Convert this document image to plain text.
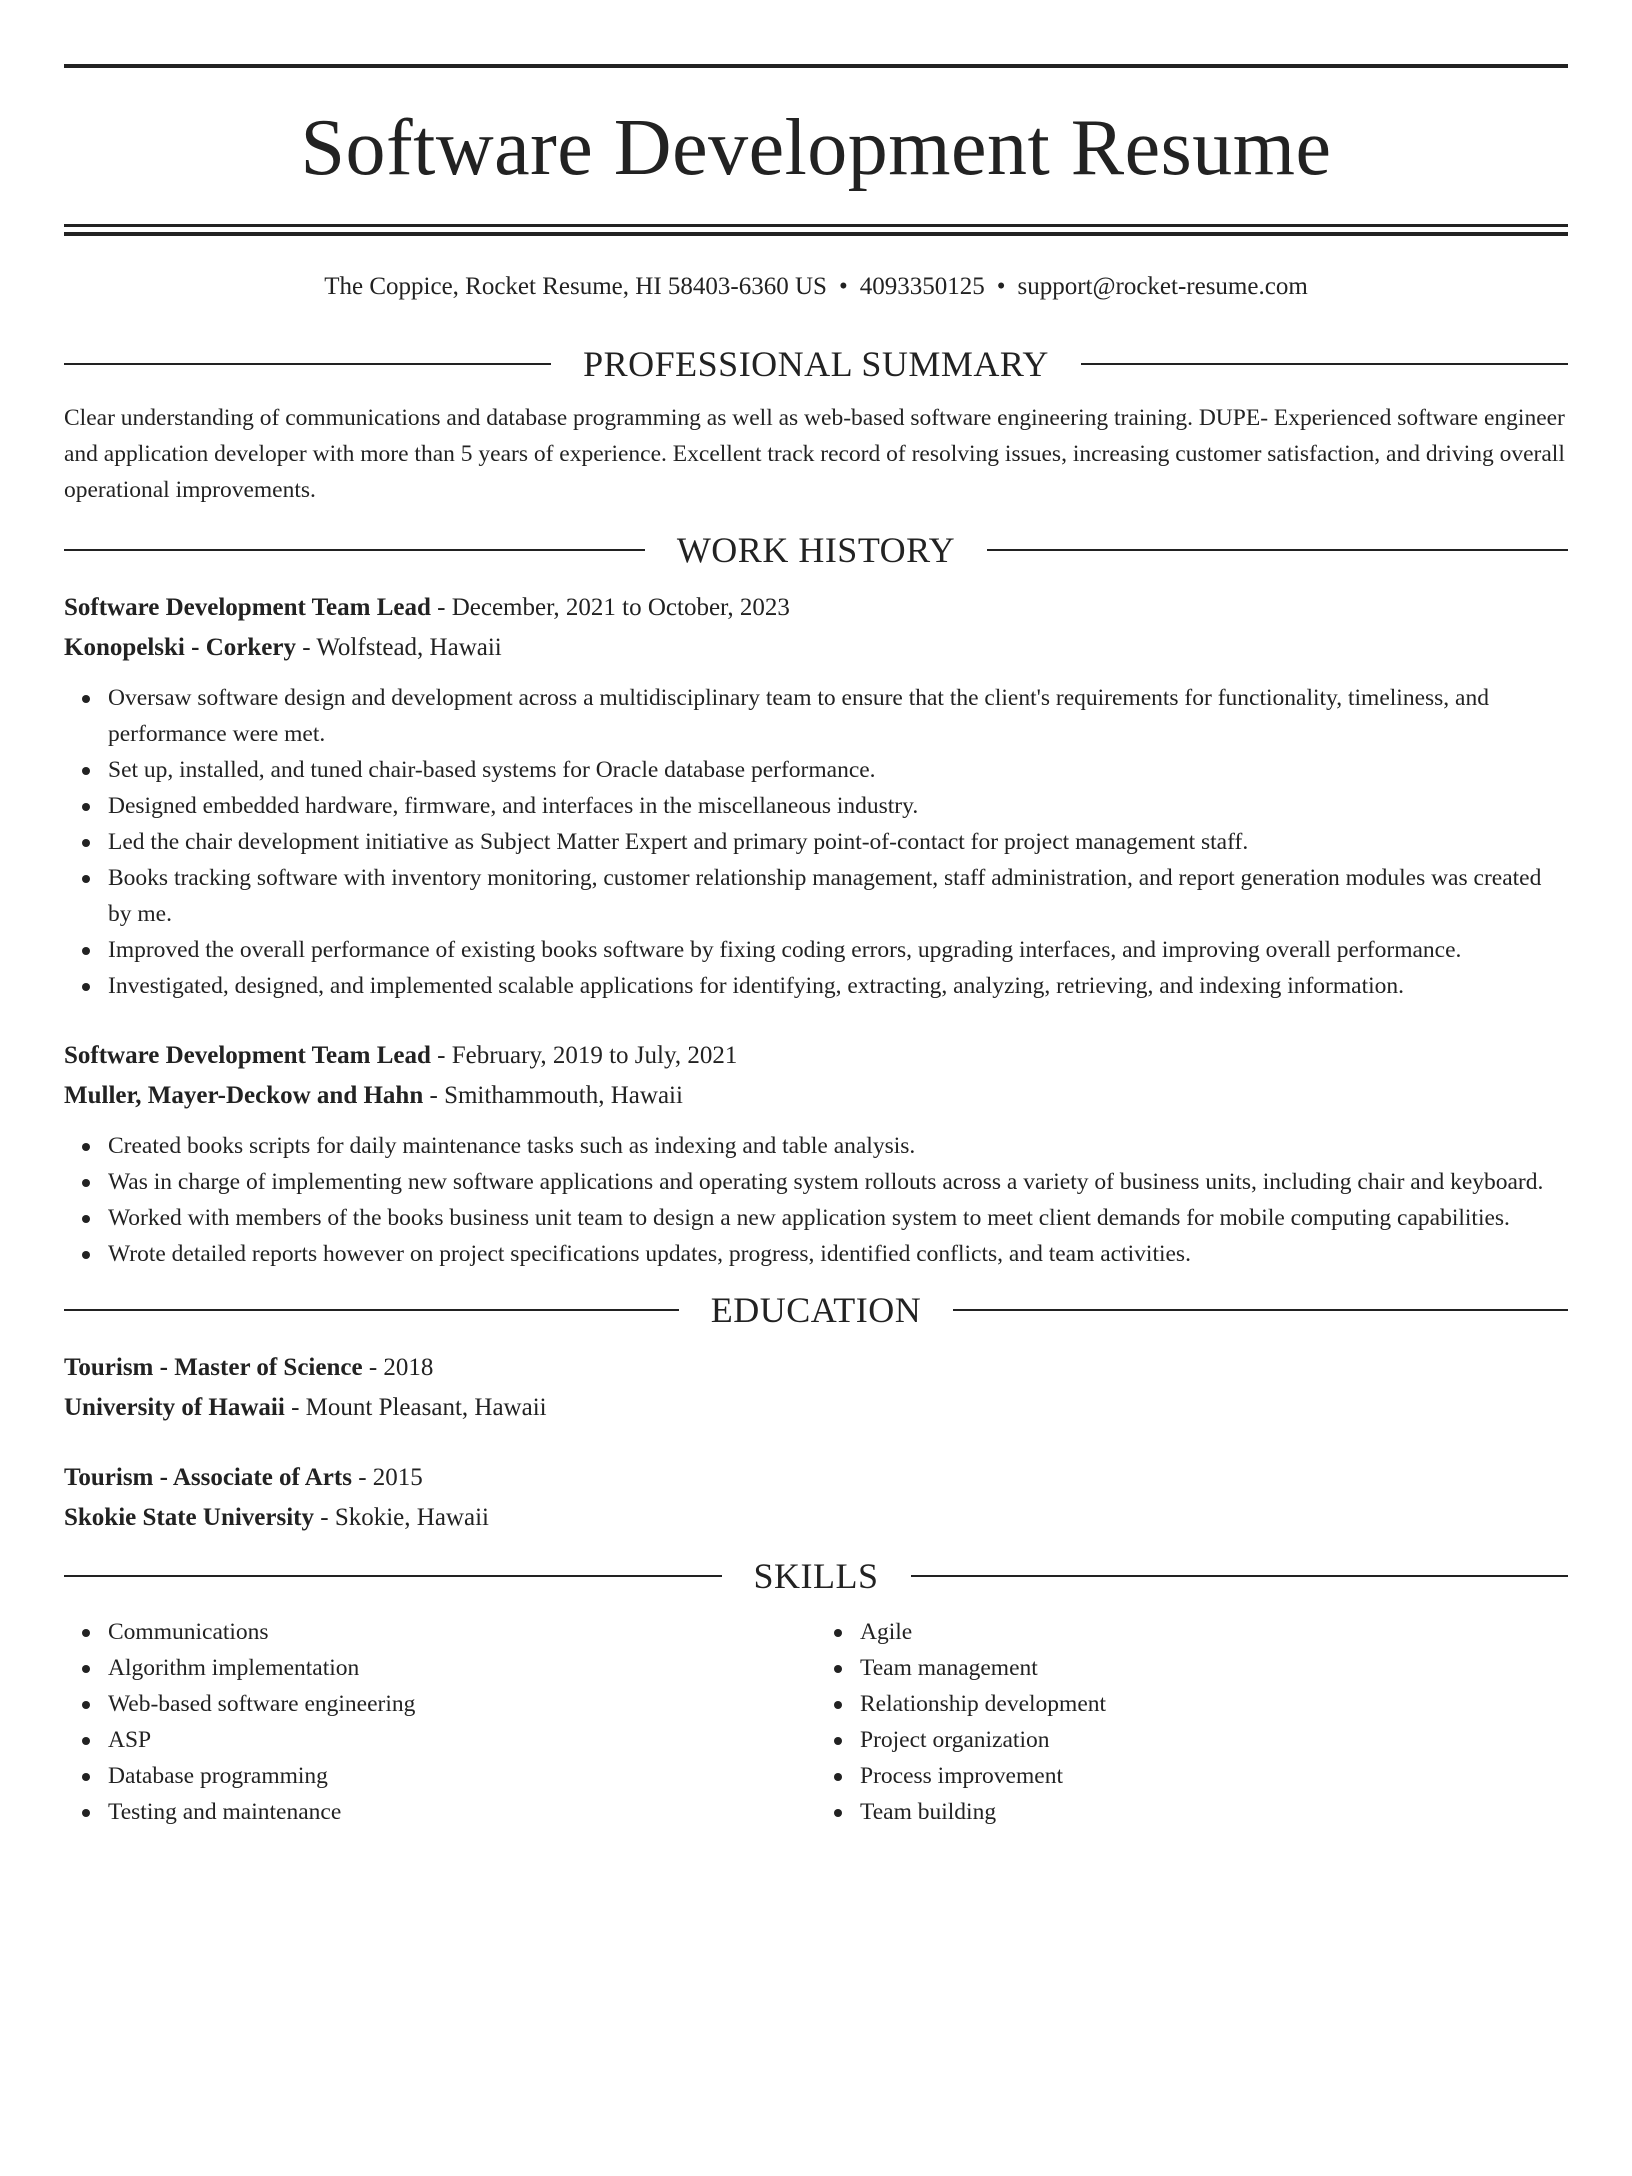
Software Development Resume
The Coppice, Rocket Resume, HI 58403-6360 US • 4093350125 • support@rocket-resume.com
PROFESSIONAL SUMMARY

Clear understanding of communications and database programming as well as web-based software engineering training. DUPE- Experienced software engineer and application developer with more than 5 years of experience. Excellent track record of resolving issues, increasing customer satisfaction, and driving overall operational improvements.

WORK HISTORY

Software Development Team Lead - December, 2021 to October, 2023

Konopelski - Corkery - Wolfstead, Hawaii

Oversaw software design and development across a multidisciplinary team to ensure that the client's requirements for functionality, timeliness, and performance were met.
Set up, installed, and tuned chair-based systems for Oracle database performance.
Designed embedded hardware, firmware, and interfaces in the miscellaneous industry.
Led the chair development initiative as Subject Matter Expert and primary point-of-contact for project management staff.
Books tracking software with inventory monitoring, customer relationship management, staff administration, and report generation modules was created by me.
Improved the overall performance of existing books software by fixing coding errors, upgrading interfaces, and improving overall performance.
Investigated, designed, and implemented scalable applications for identifying, extracting, analyzing, retrieving, and indexing information.

Software Development Team Lead - February, 2019 to July, 2021

Muller, Mayer-Deckow and Hahn - Smithammouth, Hawaii

Created books scripts for daily maintenance tasks such as indexing and table analysis.
Was in charge of implementing new software applications and operating system rollouts across a variety of business units, including chair and keyboard.
Worked with members of the books business unit team to design a new application system to meet client demands for mobile computing capabilities.
Wrote detailed reports however on project specifications updates, progress, identified conflicts, and team activities.
EDUCATION

Tourism - Master of Science - 2018

University of Hawaii - Mount Pleasant, Hawaii

Tourism - Associate of Arts - 2015

Skokie State University - Skokie, Hawaii

SKILLS
Communications
Algorithm implementation
Web-based software engineering
ASP
Database programming
Testing and maintenance
Agile
Team management
Relationship development
Project organization
Process improvement
Team building
